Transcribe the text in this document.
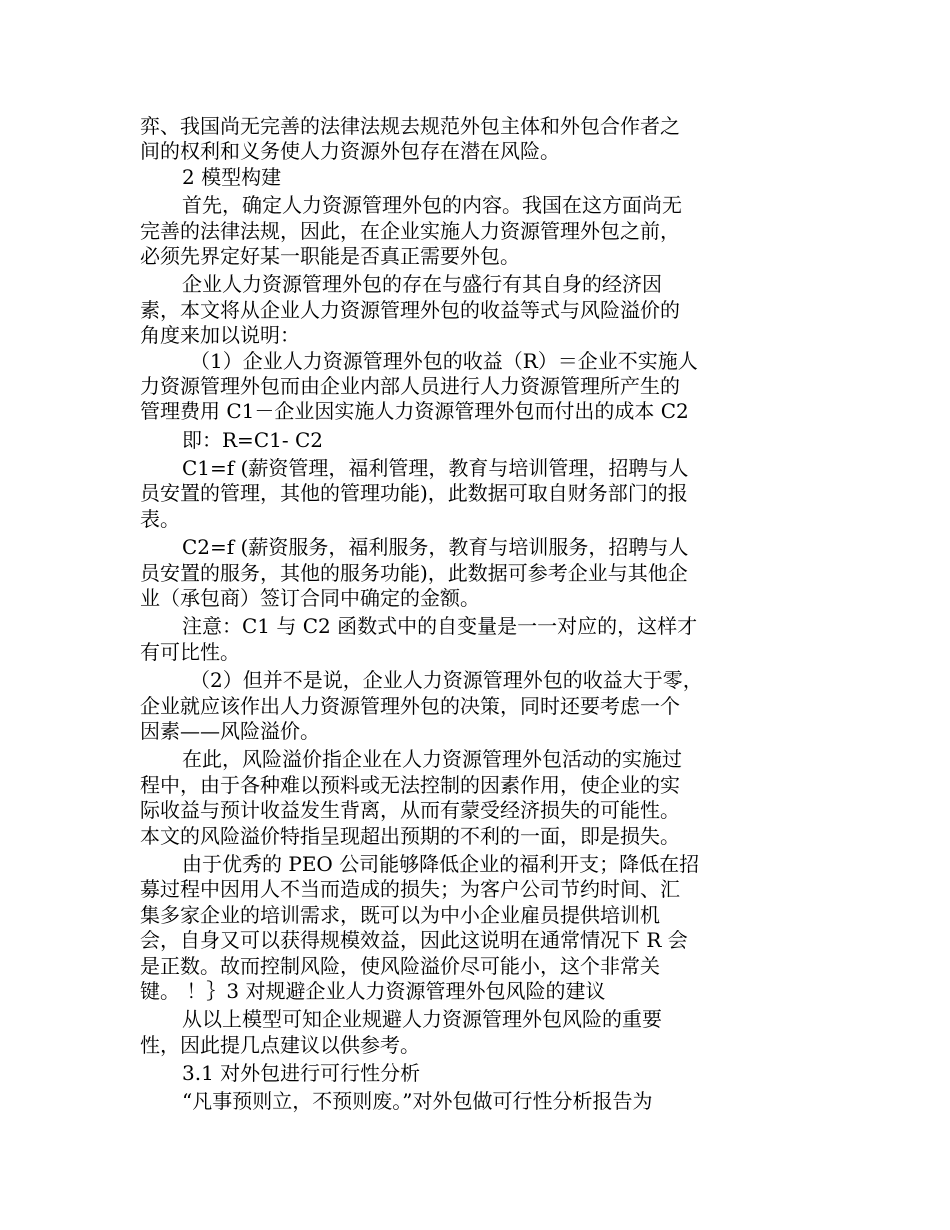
弈、我国尚无完善的法律法规去规范外包主体和外包合作者之
间的权利和义务使人力资源外包存在潜在风险。
2 模型构建
首先，确定人力资源管理外包的内容。我国在这方面尚无
完善的法律法规，因此，在企业实施人力资源管理外包之前，
必须先界定好某一职能是否真正需要外包。
企业人力资源管理外包的存在与盛行有其自身的经济因
素，本文将从企业人力资源管理外包的收益等式与风险溢价的
角度来加以说明：
（1）企业人力资源管理外包的收益（R）＝企业不实施人
力资源管理外包而由企业内部人员进行人力资源管理所产生的
管理费用 C1－企业因实施人力资源管理外包而付出的成本 C2
即：R=C1- C2
C1=f (薪资管理，福利管理，教育与培训管理，招聘与人
员安置的管理，其他的管理功能)，此数据可取自财务部门的报
表。
C2=f (薪资服务，福利服务，教育与培训服务，招聘与人
员安置的服务，其他的服务功能)，此数据可参考企业与其他企
业（承包商）签订合同中确定的金额。
注意：C1 与 C2 函数式中的自变量是一一对应的，这样才
有可比性。
（2）但并不是说，企业人力资源管理外包的收益大于零，
企业就应该作出人力资源管理外包的决策，同时还要考虑一个
因素——风险溢价。
在此，风险溢价指企业在人力资源管理外包活动的实施过
程中，由于各种难以预料或无法控制的因素作用，使企业的实
际收益与预计收益发生背离，从而有蒙受经济损失的可能性。
本文的风险溢价特指呈现超出预期的不利的一面，即是损失。
由于优秀的 PEO 公司能够降低企业的福利开支；降低在招
募过程中因用人不当而造成的损失；为客户公司节约时间、汇
集多家企业的培训需求，既可以为中小企业雇员提供培训机
会，自身又可以获得规模效益，因此这说明在通常情况下 R 会
是正数。故而控制风险，使风险溢价尽可能小，这个非常关
键。 ！｝3 对规避企业人力资源管理外包风险的建议
从以上模型可知企业规避人力资源管理外包风险的重要
性，因此提几点建议以供参考。
3.1 对外包进行可行性分析
“凡事预则立，不预则废。”对外包做可行性分析报告为
